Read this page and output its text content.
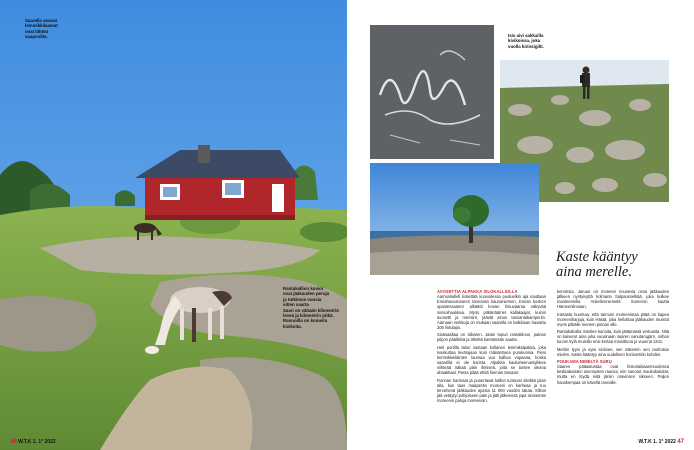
Saarella asuvat
lemmikkilaamat
ovat lähteä
saapuvilta.
Rantakallion kuvioi
ovat jääkauden peruja
ja tutkimus vuosia
sitten saarta
Saari on vähään kilometriä
leveä ja kilometrin pitkä.
Rannoilla on komeita
kivikoita.
46 W.T.K 1. 1° 2022
Isis aivi sakkailla
kivikoissa, joku
vuolla kirinsigilti.
Kaste kääntyy
aina merelle.
AVOSETTIA ALPAKKA SILOKALLIOLLA

Aarnuskallell kotiettää kuovoilessa puoluelkin aja nauttaan Ennahavvansaren tarinoista kaunaniemen. Ennan koskön opastessaaren alkäätti kovan lintuvaaraa väkyvää sinisoihaukkaa. Myös pitkänäärnet kallakaajat, kuinin avosetti ja merisirri, jäävät ainon tarviantakamperiin. Aarnaan verkkoja on mukaan saarella on kaikkiaan havaittu 206 lintulajia.

Sisäsaaltaa on siikaren. Jatan topun rantakiloon, painan pilpon päällelsä ja läheltä kiertämään saarta.

Heti portilla talon vastaan kollanen lemmikalpakka, joka Ivaskuttaa levärajaan kuin mäistettuna purukunnia. Pieni lemmikkieläinten laumaa vuo kallioa vapaana, koska saarelliä ei ole karista. Alpakka kauloineenuntyikkee viihteää näkää päin ihmiseä, joita se tuntee oleana ahaakkaal. Paras pitää ehtiä hieman tarvaan.

Ronnan harmaat ja punertavat kalliot tuntuvat siteliitä jalan alla, kun taas maaperän moreeni on karheaa ja tuo tervehenä jääkauden ajoista 11 000 vuoden takaa. Silloin jää vetäytyi pohjoiseen päin ja jätti jälkeensä jopa sinisemän moreenin paloja moreenoin.

kerroksia. Jaruun on moreeni nousevia ossa jääkauden jälkeen nyntyivyttä kolmaria Salpausselkää, joka kulkee manteersella Ankelienniemelä Someron kautta Hämeenlinnaan.

Kartasta huomaa, että tarmoni moreenimaa pitää on kapea moreeniharjoja, kuin Hästä, joka helloittaa jääkauden muistot myös pitkälle mereen pinnan alle.

Rantakalioilla risteilee kurioita, kuin jättämästä vertuasta. Nitä on kaiserut aina joka vuosinaan saaren vanutarugärn, onhan turvon kylä muistiin ensi kertaa mainittuna jo vuonna 1341.

Mertiin tyyni ja vyisi siniinen, sen näkemin oen rauhoitus mielen. Kaste kääntyy aina uudelleen horisonttiin kohden.

POUKAMA NIMELTÄ SURU

Saaren pääaalustaa ovat historiaikaanmuodossa keskiaikaisten asumusten raunioi, niin sanotut muukukukalat, mutta en löydä niitä jäniin oravinsen sikseen. Paljon hauskempaa on kävellä rannalle.

W.T.K 1. 1° 2022 47
